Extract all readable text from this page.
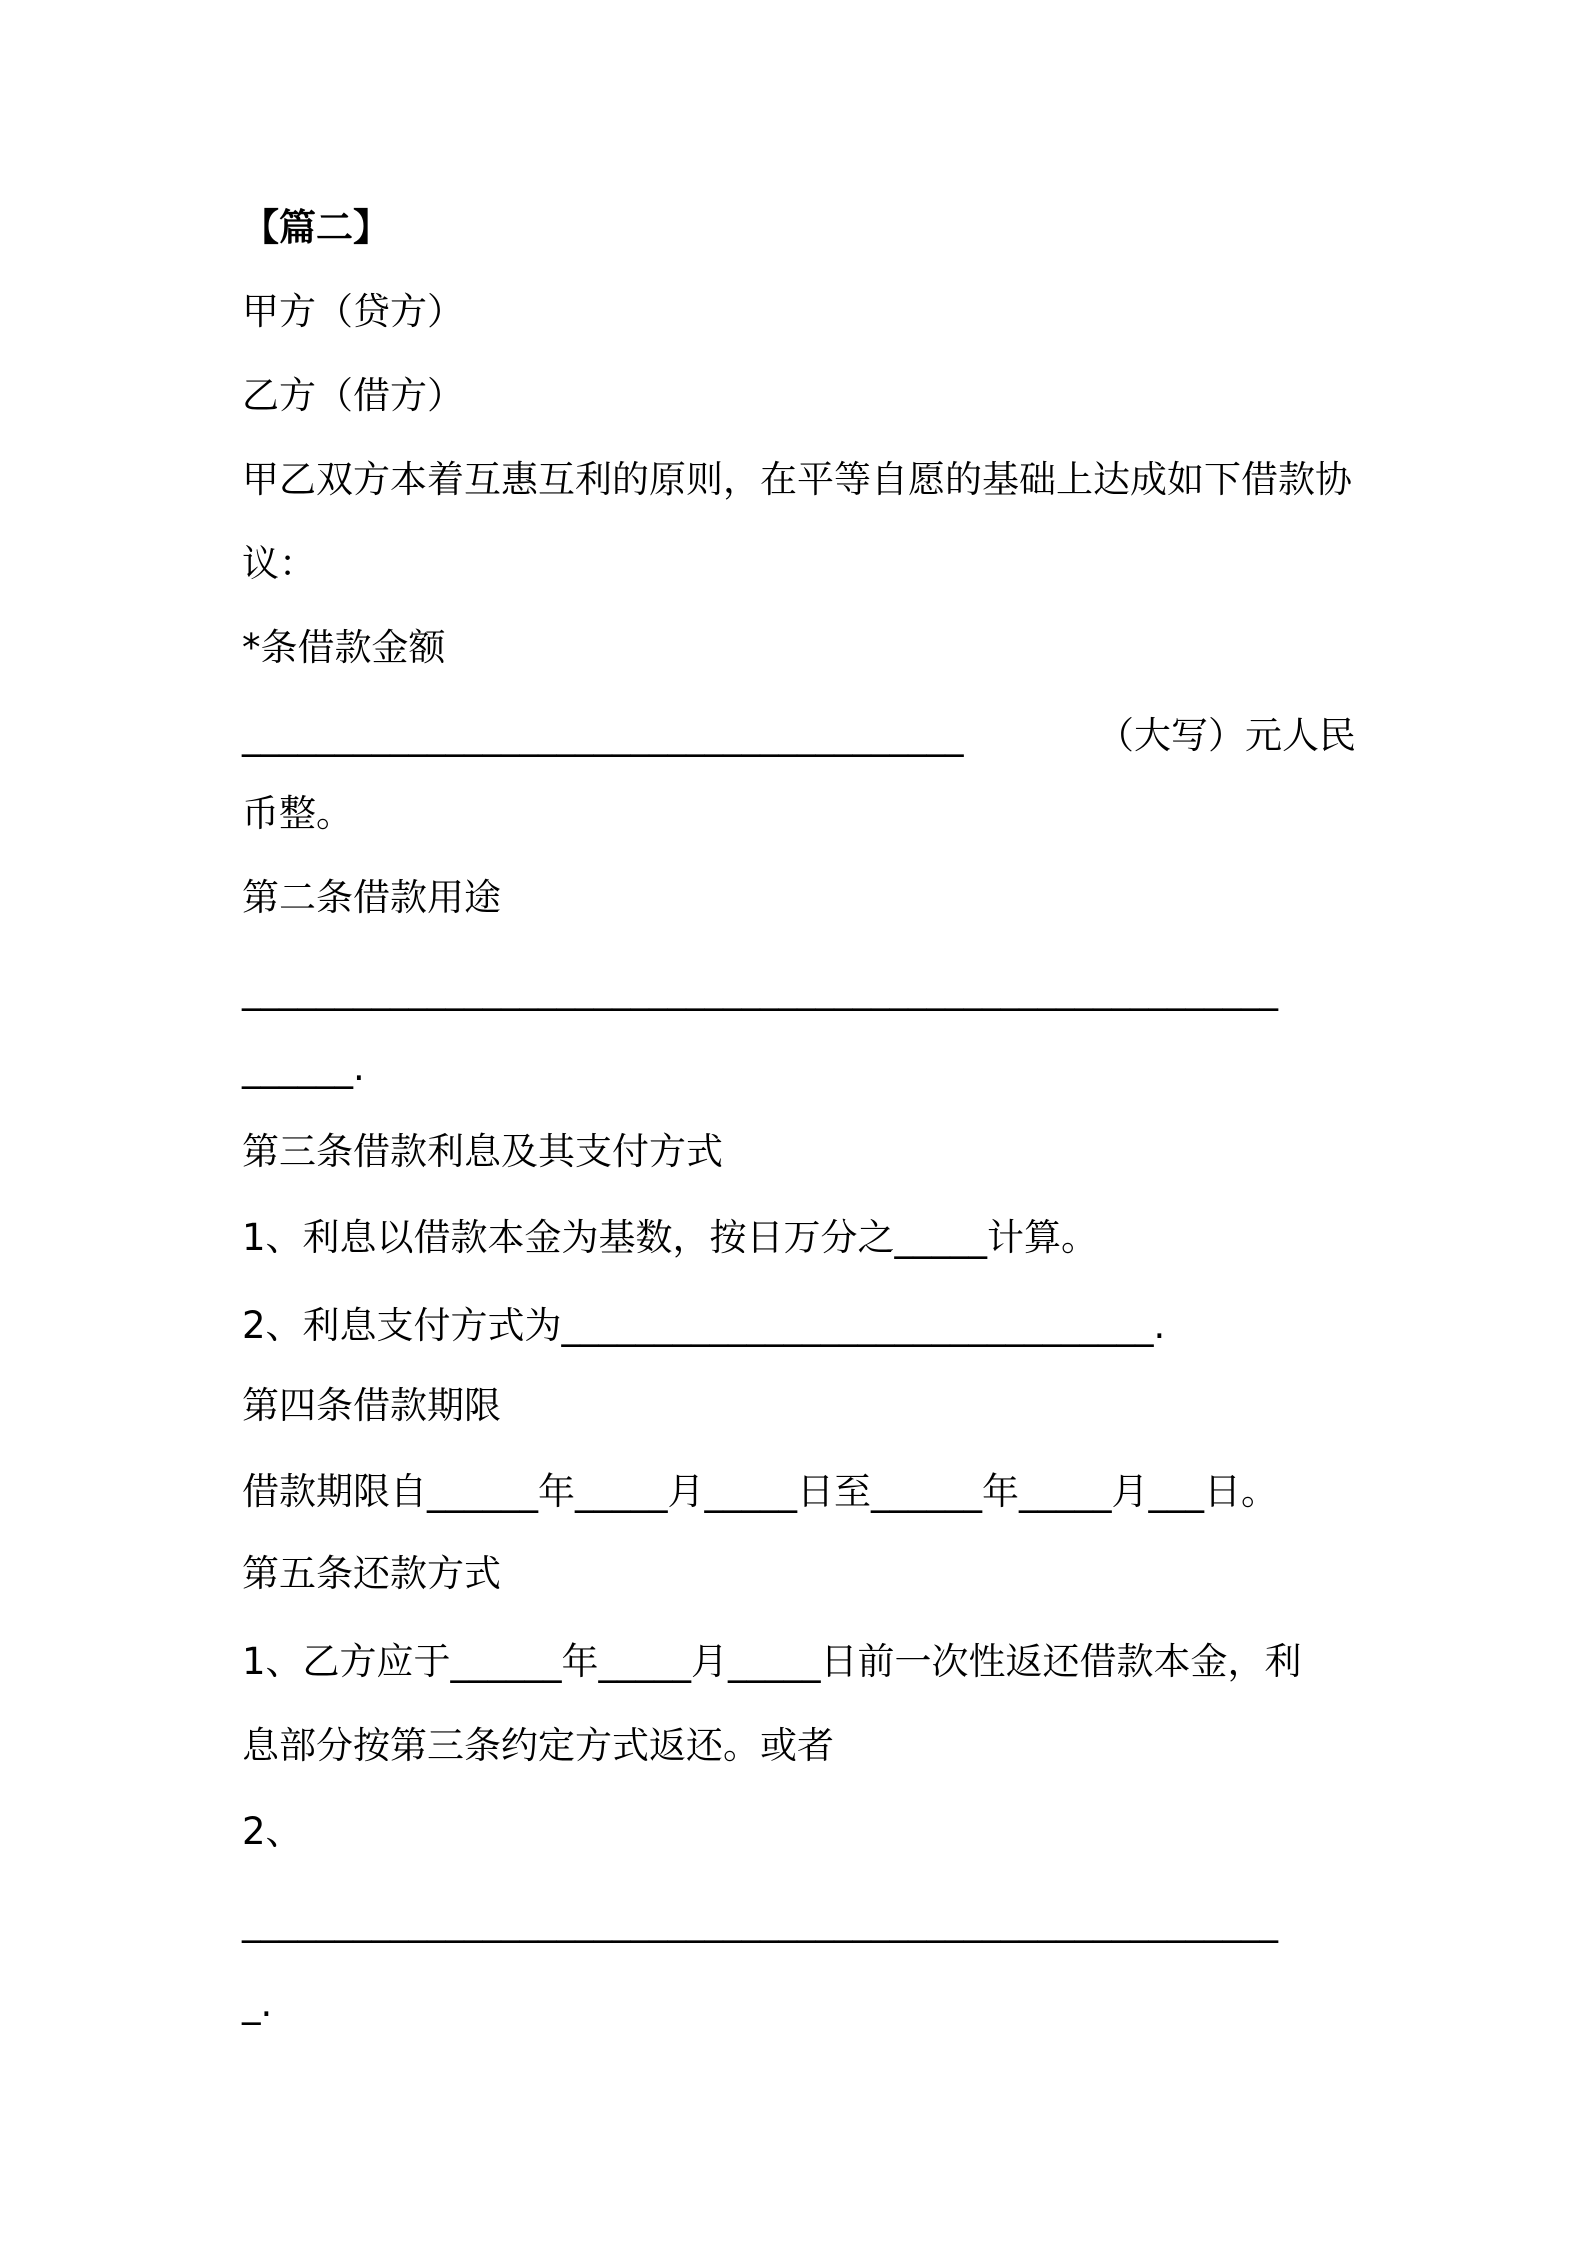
【篇二】

甲方（贷方）

乙方（借方）

甲乙双方本着互惠互利的原则，在平等自愿的基础上达成如下借款协

议：

*条借款金额

_______________________________________	（大写）元人民

币整。

第二条借款用途

________________________________________________________

______.

第三条借款利息及其支付方式

1、利息以借款本金为基数，按日万分之_____计算。

2、利息支付方式为________________________________.

第四条借款期限

借款期限自______年_____月_____日至______年_____月___日。

第五条还款方式

1、乙方应于______年_____月_____日前一次性返还借款本金，利

息部分按第三条约定方式返还。或者

2、

________________________________________________________

_.
